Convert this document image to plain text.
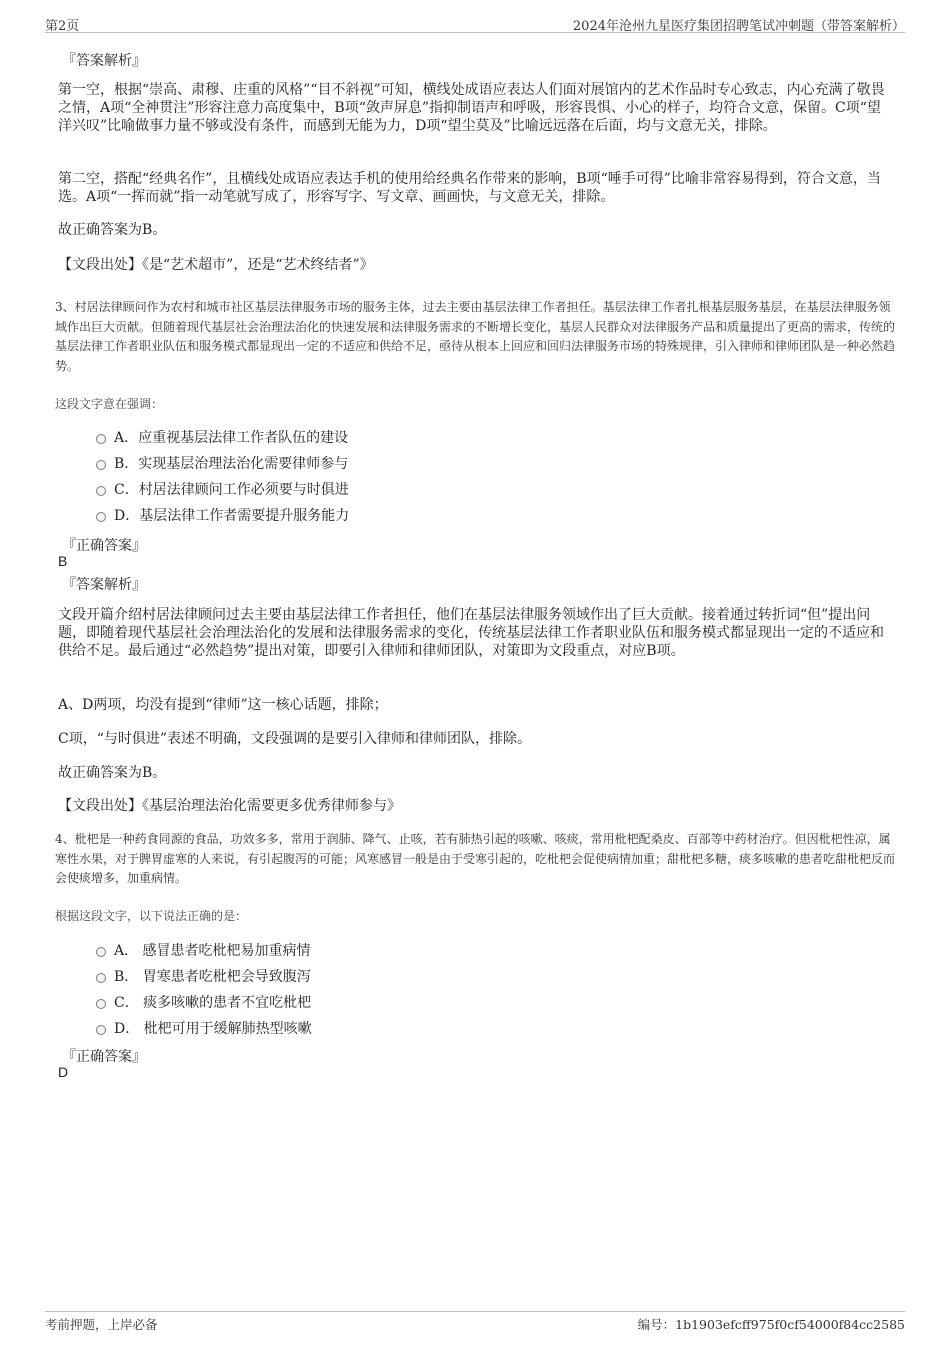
第2页	2024年沧州九星医疗集团招聘笔试冲刺题（带答案解析）
『答案解析』
第一空，根据“崇高、肃穆、庄重的风格”“目不斜视”可知，横线处成语应表达人们面对展馆内的艺术作品时专心致志，内心充满了敬畏之情，A项“全神贯注”形容注意力高度集中，B项“敛声屏息”指抑制语声和呼吸，形容畏惧、小心的样子，均符合文意，保留。C项“望洋兴叹”比喻做事力量不够或没有条件，而感到无能为力，D项“望尘莫及”比喻远远落在后面，均与文意无关，排除。
第二空，搭配“经典名作”，且横线处成语应表达手机的使用给经典名作带来的影响，B项“唾手可得”比喻非常容易得到，符合文意，当选。A项“一挥而就”指一动笔就写成了，形容写字、写文章、画画快，与文意无关，排除。
故正确答案为B。
【文段出处】《是“艺术超市”，还是“艺术终结者”》
3、村居法律顾问作为农村和城市社区基层法律服务市场的服务主体，过去主要由基层法律工作者担任。基层法律工作者扎根基层服务基层，在基层法律服务领域作出巨大贡献。但随着现代基层社会治理法治化的快速发展和法律服务需求的不断增长变化，基层人民群众对法律服务产品和质量提出了更高的需求，传统的基层法律工作者职业队伍和服务模式都显现出一定的不适应和供给不足，亟待从根本上回应和回归法律服务市场的特殊规律，引入律师和律师团队是一种必然趋势。
这段文字意在强调：
A．应重视基层法律工作者队伍的建设
B．实现基层治理法治化需要律师参与
C．村居法律顾问工作必须要与时俱进
D．基层法律工作者需要提升服务能力
『正确答案』
B
『答案解析』
文段开篇介绍村居法律顾问过去主要由基层法律工作者担任，他们在基层法律服务领域作出了巨大贡献。接着通过转折词“但”提出问题，即随着现代基层社会治理法治化的发展和法律服务需求的变化，传统基层法律工作者职业队伍和服务模式都显现出一定的不适应和供给不足。最后通过“必然趋势”提出对策，即要引入律师和律师团队，对策即为文段重点，对应B项。
A、D两项，均没有提到“律师”这一核心话题，排除；
C项，“与时俱进”表述不明确，文段强调的是要引入律师和律师团队，排除。
故正确答案为B。
【文段出处】《基层治理法治化需要更多优秀律师参与》
4、枇杷是一种药食同源的食品，功效多多，常用于润肺、降气、止咳，若有肺热引起的咳嗽、咳痰，常用枇杷配桑皮、百部等中药材治疗。但因枇杷性凉，属寒性水果，对于脾胃虚寒的人来说，有引起腹泻的可能；风寒感冒一般是由于受寒引起的，吃枇杷会促使病情加重；甜枇杷多糖，痰多咳嗽的患者吃甜枇杷反而会使痰增多，加重病情。
根据这段文字，以下说法正确的是：
A． 感冒患者吃枇杷易加重病情
B． 胃寒患者吃枇杷会导致腹泻
C． 痰多咳嗽的患者不宜吃枇杷
D． 枇杷可用于缓解肺热型咳嗽
『正确答案』
D
考前押题，上岸必备	编号：1b1903efcff975f0cf54000f84cc2585
